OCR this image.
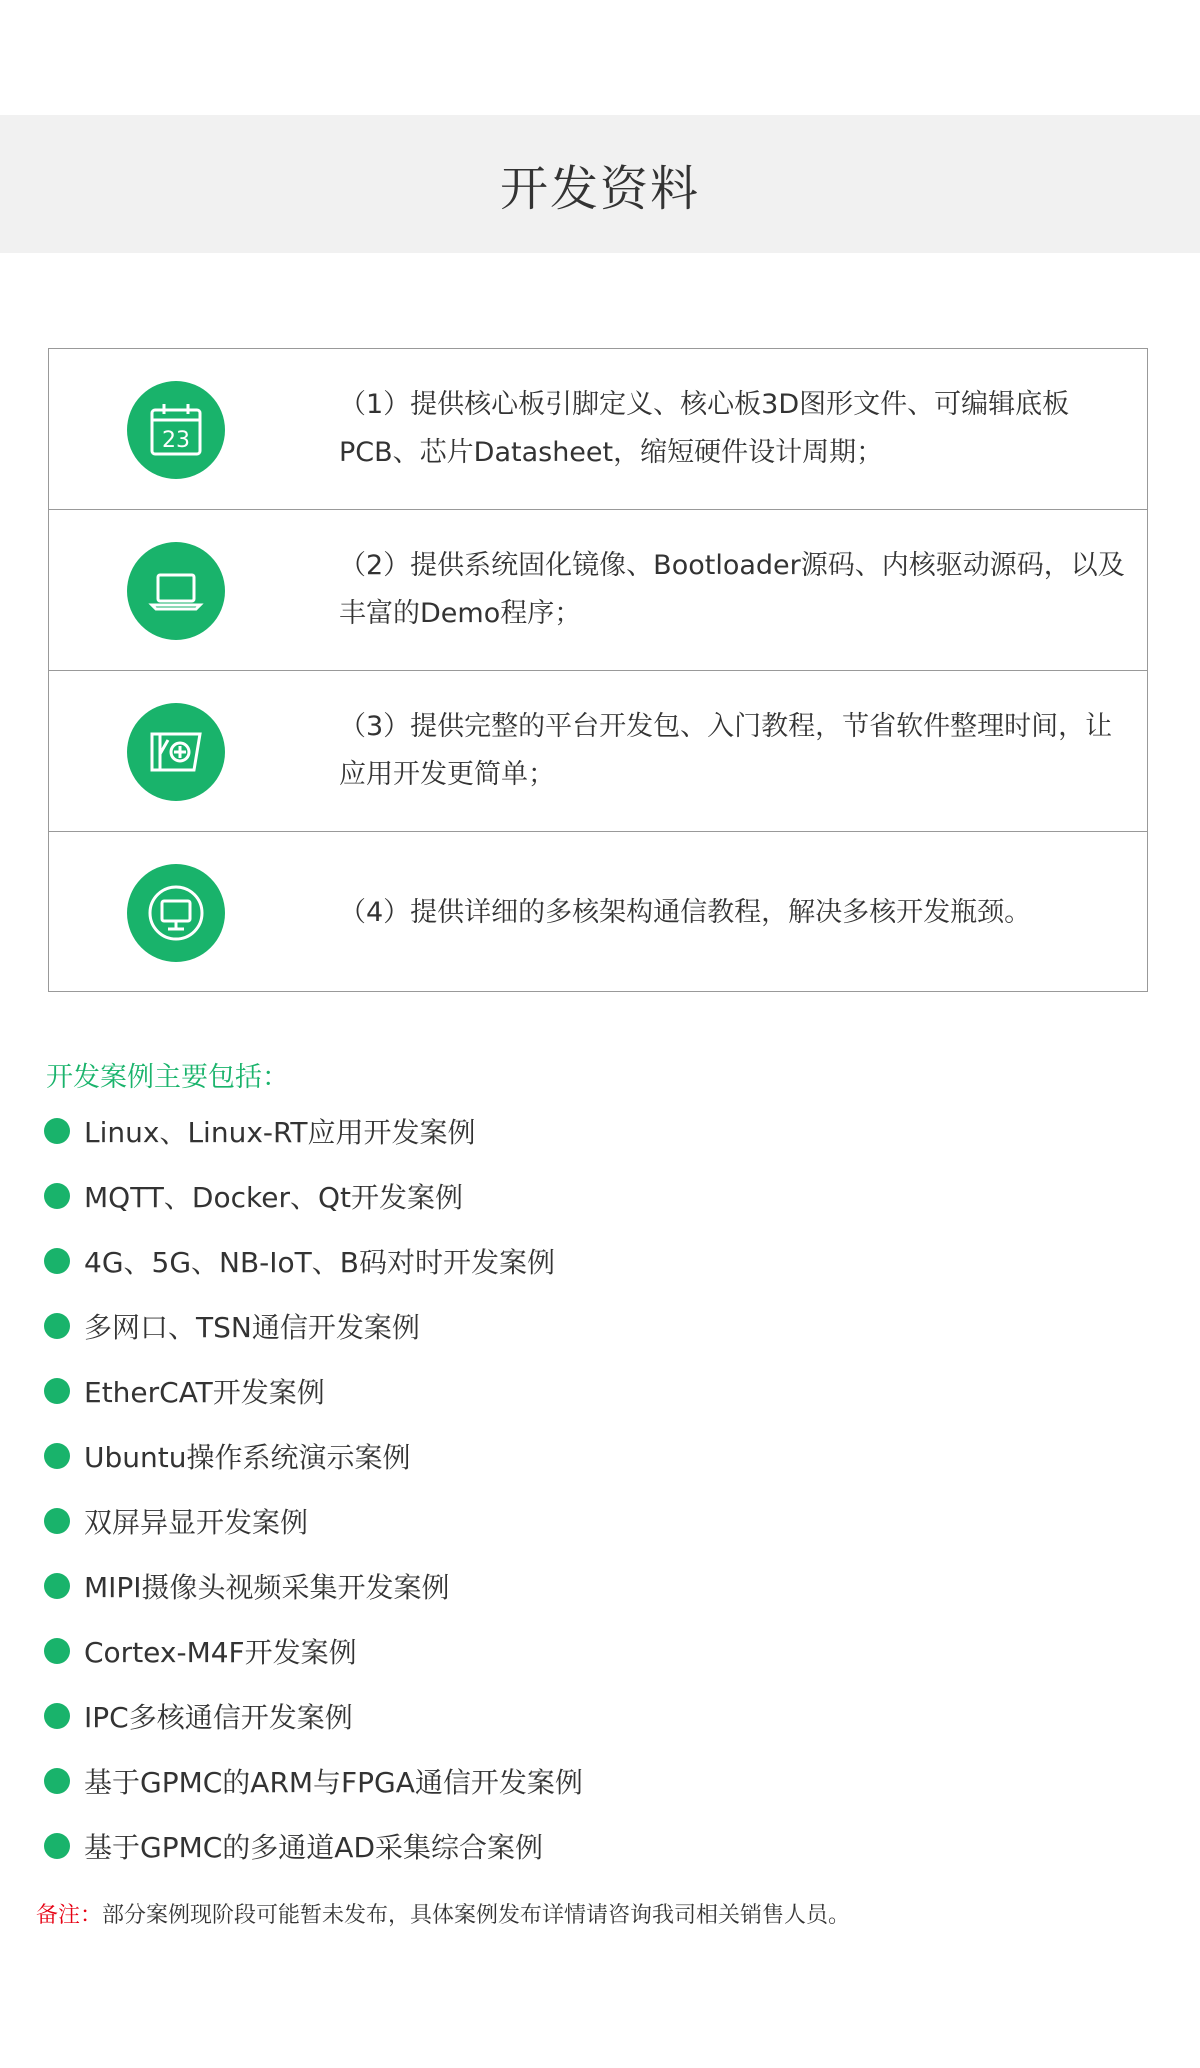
开发资料
23
（1）提供核心板引脚定义、核心板3D图形文件、可编辑底板PCB、芯片Datasheet，缩短硬件设计周期；
（2）提供系统固化镜像、Bootloader源码、内核驱动源码，以及丰富的Demo程序；
（3）提供完整的平台开发包、入门教程，节省软件整理时间，让应用开发更简单；
（4）提供详细的多核架构通信教程，解决多核开发瓶颈。
开发案例主要包括：
Linux、Linux-RT应用开发案例
MQTT、Docker、Qt开发案例
4G、5G、NB-IoT、B码对时开发案例
多网口、TSN通信开发案例
EtherCAT开发案例
Ubuntu操作系统演示案例
双屏异显开发案例
MIPI摄像头视频采集开发案例
Cortex-M4F开发案例
IPC多核通信开发案例
基于GPMC的ARM与FPGA通信开发案例
基于GPMC的多通道AD采集综合案例
备注：部分案例现阶段可能暂未发布，具体案例发布详情请咨询我司相关销售人员。
